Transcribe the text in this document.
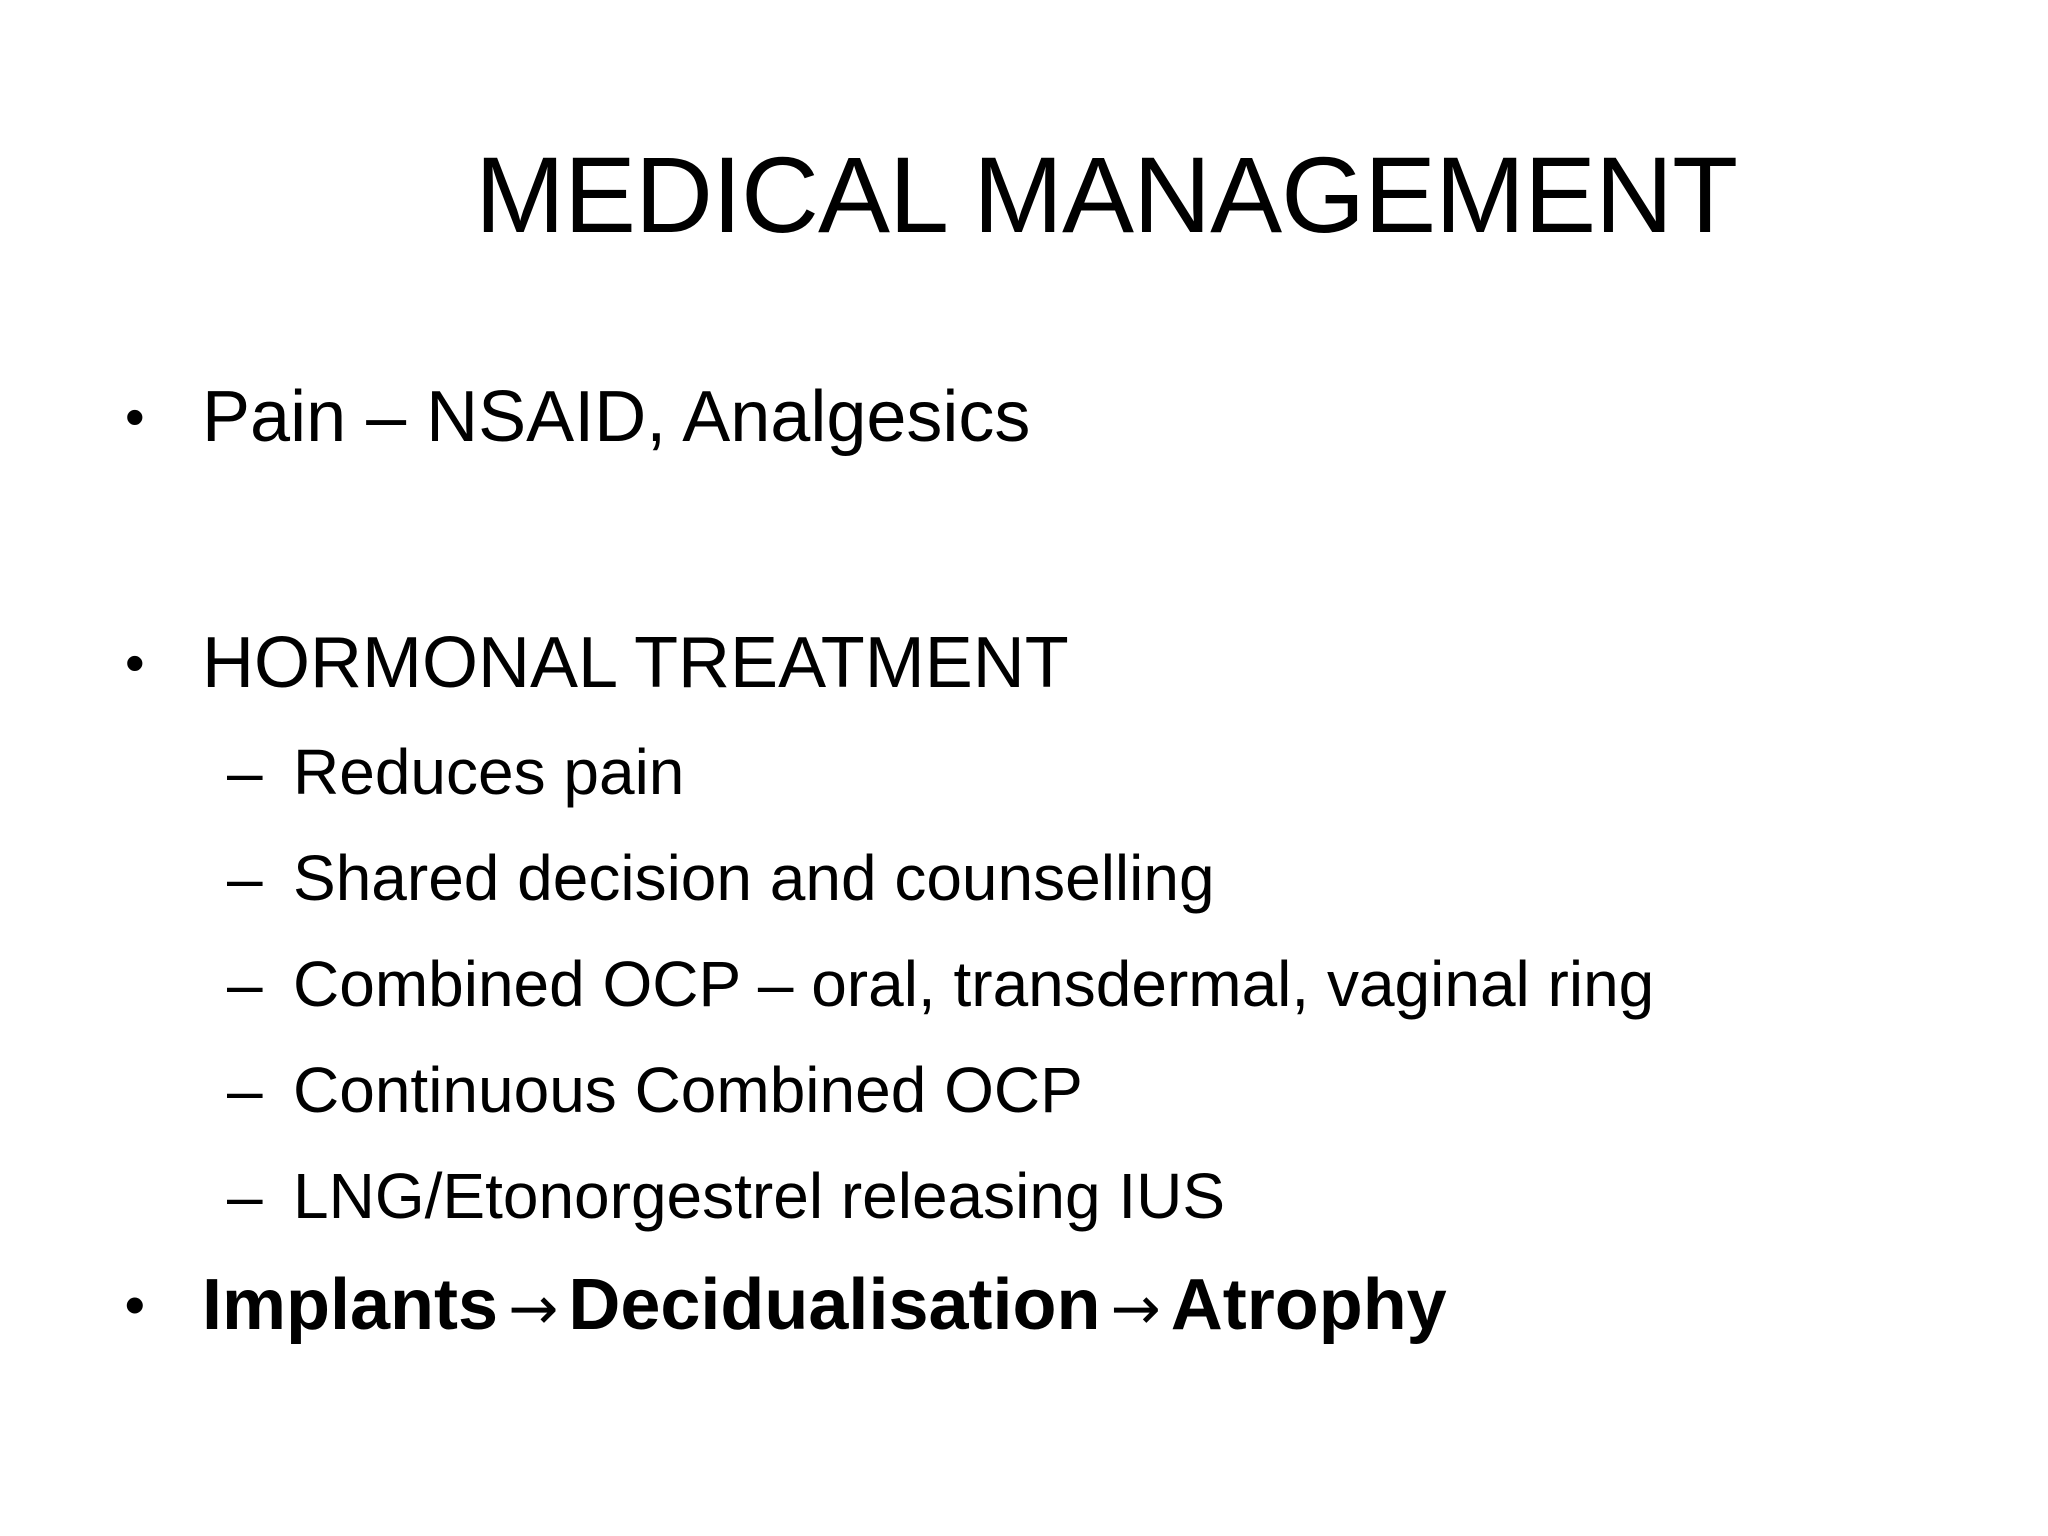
MEDICAL MANAGEMENT
• Pain – NSAID, Analgesics
• HORMONAL TREATMENT
– Reduces pain
– Shared decision and counselling
– Combined OCP – oral, transdermal, vaginal ring
– Continuous Combined OCP
– LNG/Etonorgestrel releasing IUS
• Implants → Decidualisation → Atrophy
